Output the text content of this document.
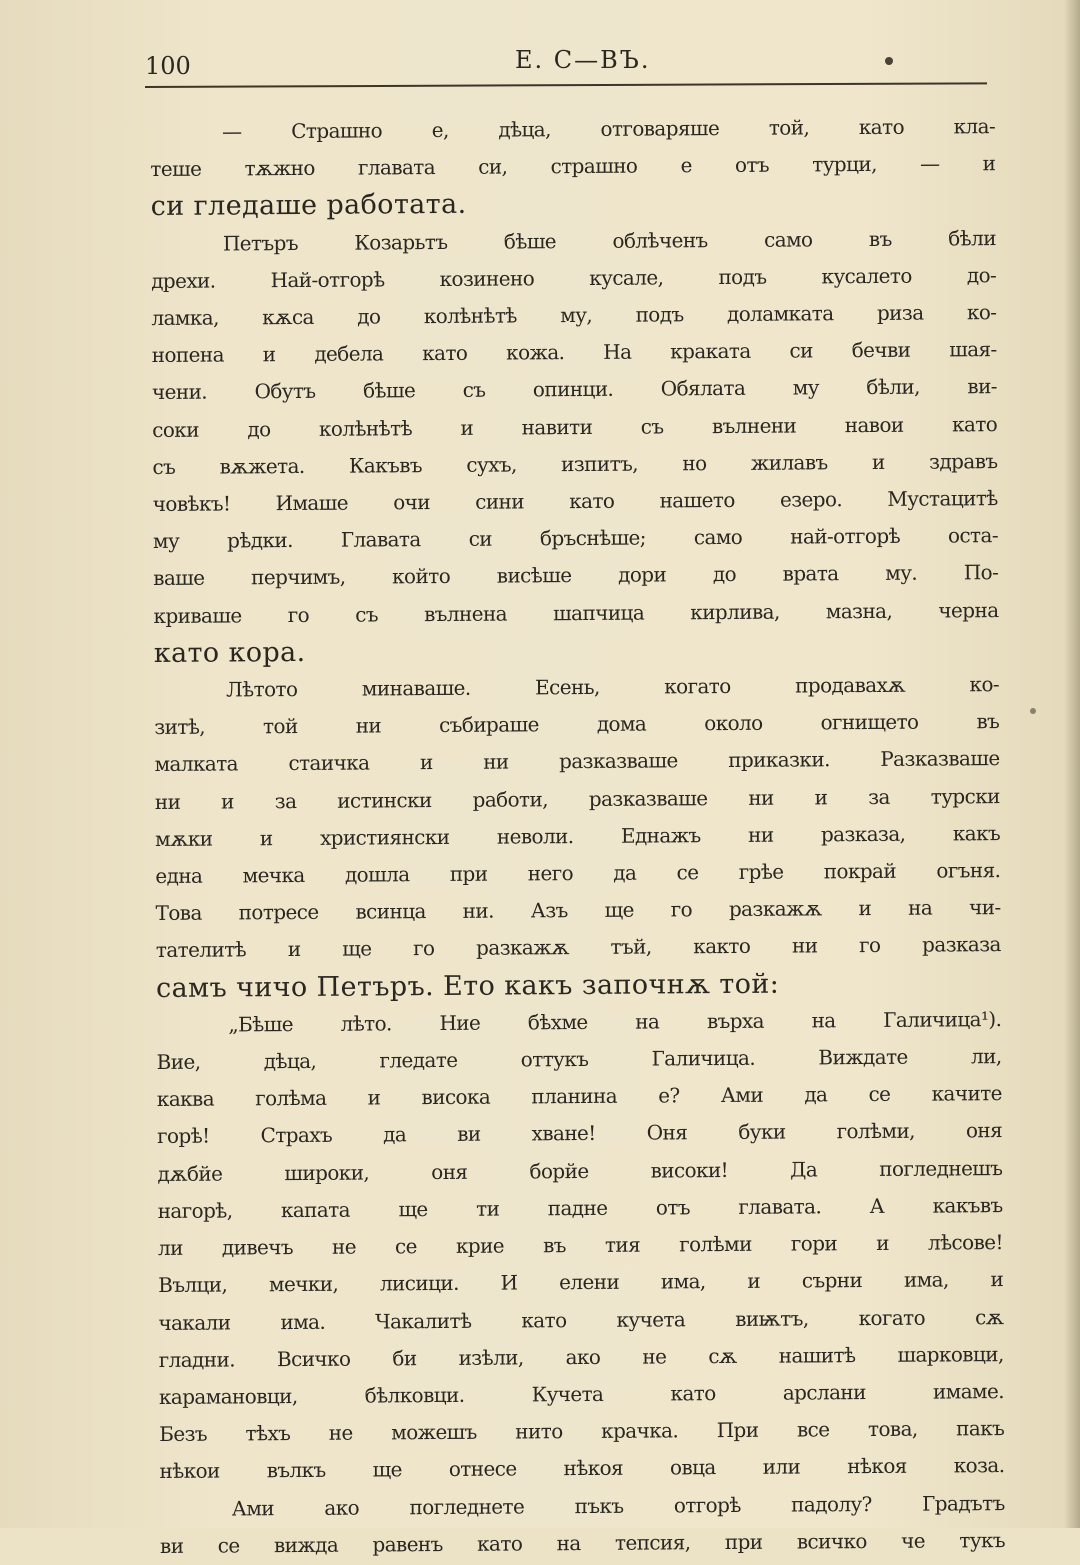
100	Е. С—ВЪ.
— Страшно е, дѣца, отговаряше той, като кла-
теше тѫжно главата си, страшно е отъ турци, — и
си гледаше работата.
Петъръ Козарьтъ бѣше облѣченъ само въ бѣли
дрехи. Най-отгорѣ козинено кусале, подъ кусалето до-
ламка, кѫса до колѣнѣтѣ му, подъ доламката риза ко-
нопена и дебела като кожа. На краката си бечви шая-
чени. Обутъ бѣше съ опинци. Обялата му бѣли, ви-
соки до колѣнѣтѣ и навити съ вълнени навои като
съ вѫжета. Какъвъ сухъ, изпитъ, но жилавъ и здравъ
човѣкъ! Имаше очи сини като нашето езеро. Мустацитѣ
му рѣдки. Главата си бръснѣше; само най-отгорѣ оста-
ваше перчимъ, който висѣше дори до врата му. По-
криваше го съ вълнена шапчица кирлива, мазна, черна
като кора.
Лѣтото минаваше. Есень, когато продавахѫ ко-
зитѣ, той ни събираше дома около огнището въ
малката стаичка и ни разказваше приказки. Разказваше
ни и за истински работи, разказваше ни и за турски
мѫки и християнски неволи. Еднажъ ни разказа, какъ
една мечка дошла при него да се грѣе покрай огъня.
Това потресе всинца ни. Азъ ще го разкажѫ и на чи-
тателитѣ и ще го разкажѫ тъй, както ни го разказа
самъ чичо Петъръ. Ето какъ започнѫ той:
„Бѣше лѣто. Ние бѣхме на върха на Галичица¹).
Вие, дѣца, гледате оттукъ Галичица. Виждате ли,
каква голѣма и висока планина е? Ами да се качите
горѣ! Страхъ да ви хване! Оня буки голѣми, оня
дѫбйе широки, оня борйе високи! Да погледнешъ
нагорѣ, капата ще ти падне отъ главата. А какъвъ
ли дивечъ не се крие въ тия голѣми гори и лѣсове!
Вълци, мечки, лисици. И елени има, и сърни има, и
чакали има. Чакалитѣ като кучета виѭтъ, когато сѫ
гладни. Всичко би изѣли, ако не сѫ нашитѣ шарковци,
карамановци, бѣлковци. Кучета като арслани имаме.
Безъ тѣхъ не можешъ нито крачка. При все това, пакъ
нѣкои вълкъ ще отнесе нѣкоя овца или нѣкоя коза.
Ами ако погледнете пъкъ отгорѣ падолу? Градътъ
ви се вижда равенъ като на тепсия, при всичко че тукъ
